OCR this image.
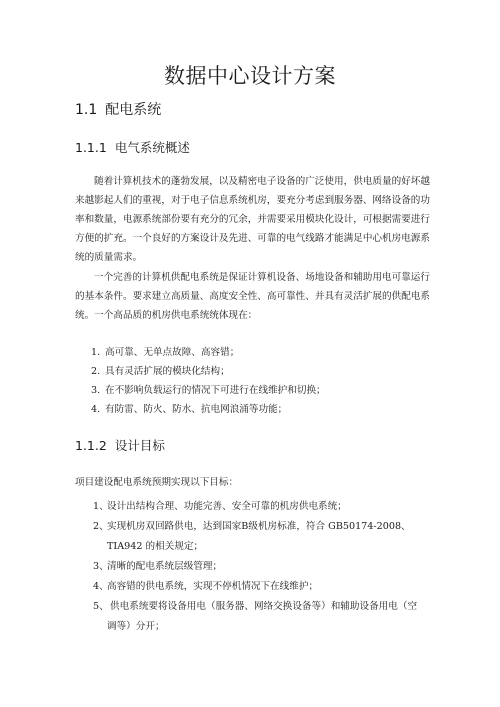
数据中心设计方案
1.1 配电系统
1.1.1 电气系统概述
随着计算机技术的蓬勃发展，以及精密电子设备的广泛使用，供电质量的好坏越来越影起人们的重视，对于电子信息系统机房，要充分考虑到服务器、网络设备的功率和数量，电源系统部份要有充分的冗余，并需要采用模块化设计，可根据需要进行方便的扩充。一个良好的方案设计及先进、可靠的电气线路才能满足中心机房电源系统的质量需求。
一个完善的计算机供配电系统是保证计算机设备、场地设备和辅助用电可靠运行的基本条件。要求建立高质量、高度安全性、高可靠性、并具有灵活扩展的供配电系统。一个高品质的机房供电系统统体现在：
1. 高可靠、无单点故障、高容错；
2. 具有灵活扩展的模块化结构；
3. 在不影响负载运行的情况下可进行在线维护和切换；
4. 有防雷、防火、防水、抗电网浪涌等功能；
1.1.2 设计目标
项目建设配电系统预期实现以下目标：
1、设计出结构合理、功能完善、安全可靠的机房供电系统；
2、实现机房双回路供电，达到国家B级机房标准，符合 GB50174-2008、
TIA942 的相关规定；
3、清晰的配电系统层级管理；
4、高容错的供电系统，实现不停机情况下在线维护；
5、 供电系统要将设备用电（服务器、网络交换设备等）和辅助设备用电（空
调等）分开；
